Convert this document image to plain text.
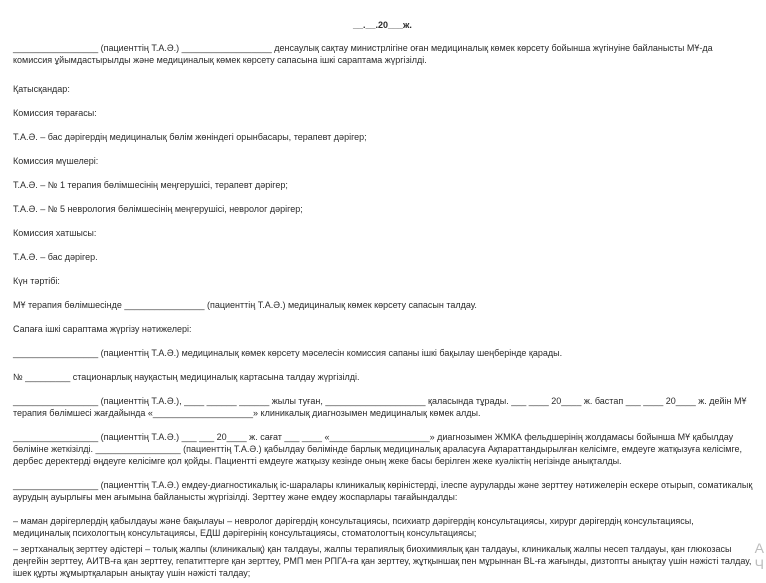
__.__.20___ж.
_________________ (пациенттің Т.А.Ә.) __________________ денсаулық сақтау министрлігіне оған медициналық көмек көрсету бойынша жүгінуіне байланысты МҰ-да комиссия ұйымдастырылды және медициналық көмек көрсету сапасына ішкі сараптама жүргізілді.
Қатысқандар:
Комиссия төрағасы:
Т.А.Ә. – бас дәрігердің медициналық бөлім жөніндегі орынбасары, терапевт дәрігер;
Комиссия мүшелері:
Т.А.Ә. – № 1 терапия бөлімшесінің меңгерушісі, терапевт дәрігер;
Т.А.Ә. – № 5 неврология бөлімшесінің меңгерушісі, невролог дәрігер;
Комиссия хатшысы:
Т.А.Ә. – бас дәрігер.
Күн тәртібі:
МҰ терапия бөлімшесінде ________________ (пациенттің Т.А.Ә.) медициналық көмек көрсету сапасын талдау.
Сапаға ішкі сараптама жүргізу нәтижелері:
_________________ (пациенттің Т.А.Ә.) медициналық көмек көрсету мәселесін комиссия сапаны ішкі бақылау шеңберінде қарады.
№ _________ стационарлық науқастың медициналық картасына талдау жүргізілді.
_________________ (пациенттің Т.А.Ә.), ____ ______ ______ жылы туған, ____________________ қаласында тұрады. ___ ____ 20____ ж. бастап ___ ____ 20____ ж. дейін МҰ терапия бөлімшесі жағдайында «____________________» клиникалық диагнозымен медициналық көмек алды.
_________________ (пациенттің Т.А.Ә.) ___ ___ 20____ ж. сағат ___ ____ «____________________» диагнозымен ЖМКА фельдшерінің жолдамасы бойынша МҰ қабылдау бөліміне жеткізілді. _________________ (пациенттің Т.А.Ә.) қабылдау бөлімінде барлық медициналық араласуға Ақпараттандырылған келісімге, емдеуге жатқызуға келісімге, дербес деректерді өңдеуге келісімге қол қойды. Пациентті емдеуге жатқызу кезінде оның жеке басы берілген жеке куәліктің негізінде анықталды.
_________________ (пациенттің Т.А.Ә.) емдеу-диагностикалық іс-шаралары клиникалық көріністерді, ілеспе ауруларды және зерттеу нәтижелерін ескере отырып, соматикалық аурудың ауырлығы мен ағымына байланысты жүргізілді. Зерттеу және емдеу жоспарлары тағайындалды:
– маман дәрігерлердің қабылдауы және бақылауы – невролог дәрігердің консультациясы, психиатр дәрігердің консультациясы, хирург дәрігердің консультациясы, медициналық психологтың консультациясы, ЕДШ дәрігерінің консультациясы, стоматологтың консультациясы;
– зертханалық зерттеу әдістері – толық жалпы (клиникалық) қан талдауы, жалпы терапиялық биохимиялық қан талдауы, клиникалық жалпы несеп талдауы, қан глюкозасы деңгейін зерттеу, АИТВ-ға қан зерттеу, гепатиттерге қан зерттеу, РМП мен РПГА-ға қан зерттеу, жұтқыншақ пен мұрыннан BL-ға жағынды, дизтопты анықтау үшін нәжісті талдау, ішек құрты жұмыртқаларын анықтау үшін нәжісті талдау;
А
Ч
